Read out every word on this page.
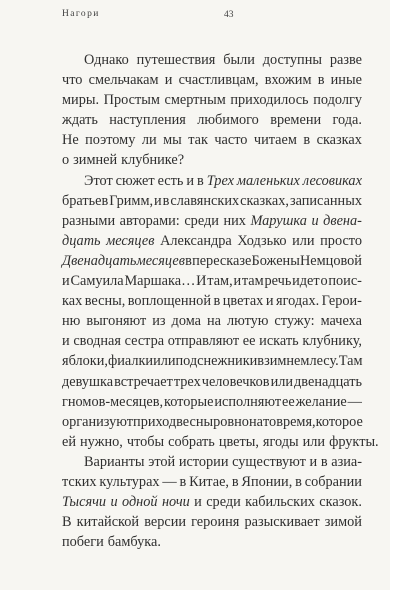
Нагори	43
Однако путешествия были доступны разве
что смельчакам и счастливцам, вхожим в иные
миры. Простым смертным приходилось подолгу
ждать наступления любимого времени года.
Не поэтому ли мы так часто читаем в сказках
о зимней клубнике?
Этот сюжет есть и в Трех маленьких лесовиках
братьев Гримм, и в славянских сказках, записанных
разными авторами: среди них Марушка и двена-
дцать месяцев Александра Ходзько или просто
Двенадцать месяцев в пересказе Божены Немцовой
и Самуила Маршака… И там, и там речь идет о поис-
ках весны, воплощенной в цветах и ягодах. Герои-
ню выгоняют из дома на лютую стужу: мачеха
и сводная сестра отправляют ее искать клубнику,
яблоки, фиалки или подснежники в зимнем лесу. Там
девушка встречает трех человечков или двенадцать
гномов-месяцев, которые исполняют ее желание —
организуют приход весны ровно на то время, которое
ей нужно, чтобы собрать цветы, ягоды или фрукты.
Варианты этой истории существуют и в азиа-
тских культурах — в Китае, в Японии, в собрании
Тысячи и одной ночи и среди кабильских сказок.
В китайской версии героиня разыскивает зимой
побеги бамбука.
